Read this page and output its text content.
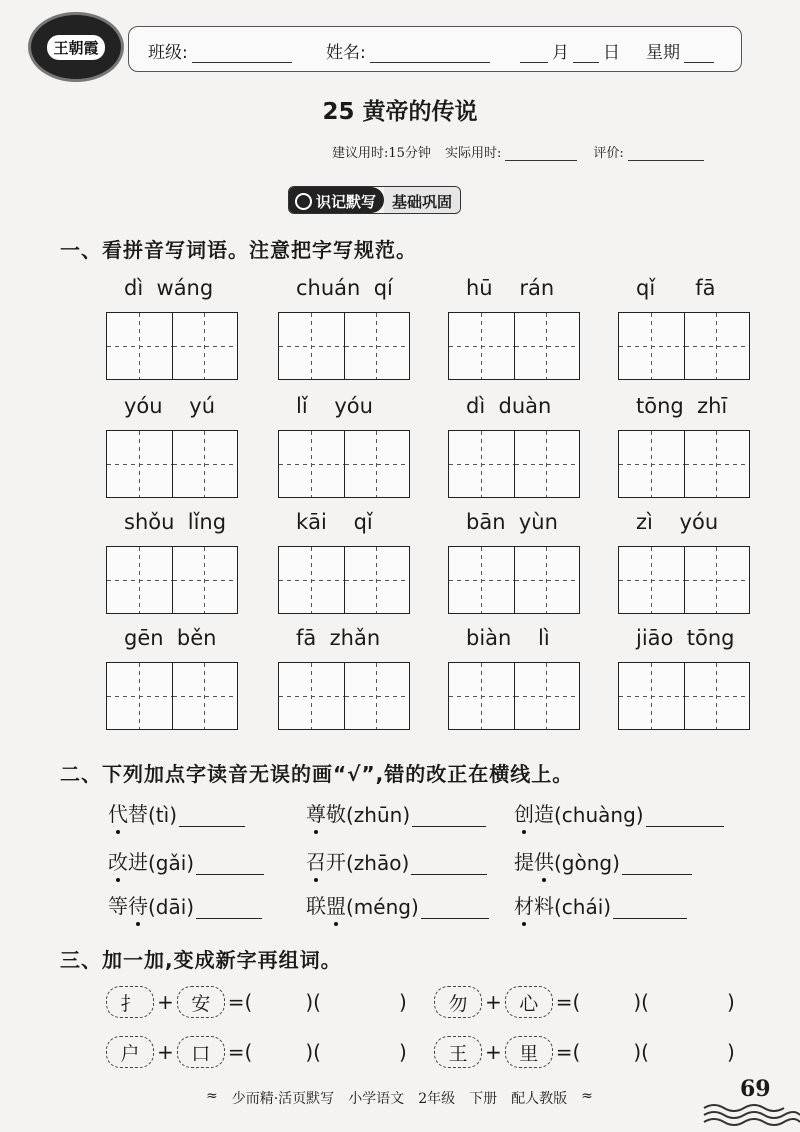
王朝霞	班级:	姓名:	月 日 星期
25 黄帝的传说
建议用时:15分钟 实际用时:	评价:
识记默写 基础巩固
一、看拼音写词语。注意把字写规范。
dì  wáng	chuán  qí	hū    rán	qǐ      fā
yóu    yú	lǐ    yóu	dì  duàn	tōng  zhī
shǒu  lǐng	kāi    qǐ	bān  yùn	zì    yóu
gēn  běn	fā  zhǎn	biàn    lì	jiāo  tōng
二、下列加点字读音无误的画“√”,错的改正在横线上。
代 替 (tì)	尊 敬 (zhūn)	创 造 (chuàng)
改 进 (gǎi)	召 开 (zhāo)	提 供 (gòng)
等 待 (dāi)	联 盟 (méng)	材 料 (chái)
三、加一加,变成新字再组词。
扌 + 安 =(	)(	)	勿 + 心 =(	)(	)
户 + 口 =(	)(	)	王 + 里 =(	)(	)
≈ 少而精·活页默写 小学语文 2年级 下册 配人教版 ≈	69
